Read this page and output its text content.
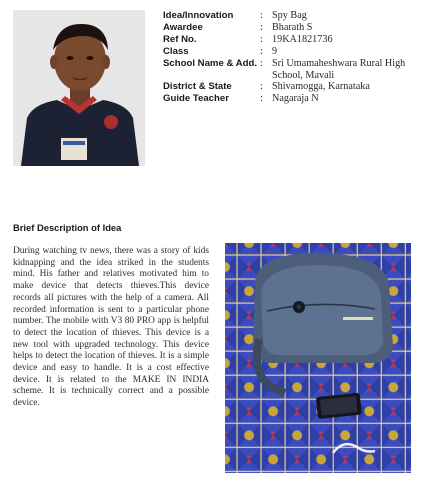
Idea/Innovation	: Spy Bag
Awardee	: Bharath S
Ref No.	: 19KA1821736
Class	: 9
School Name & Add. : Sri Umamaheshwara Rural High School, Mavali
District & State	: Shivamogga, Karnataka
Guide Teacher	: Nagaraja N
Brief Description of Idea
During watching tv news, there was a story of kids kidnapping and the idea striked in the students mind. His father and relatives motivated him to make device that detects thieves.This device records all pictures with the help of a camera. All recorded information is sent to a particular phone number. The mobile with V3 80 PRO app is helpful to detect the location of thieves. This device is a new tool with upgraded technology. This device helps to detect the location of thieves. It is a simple device and easy to handle. It is a cost effective device. It is related to the MAKE IN INDIA scheme. It is technically correct and a possible device.
